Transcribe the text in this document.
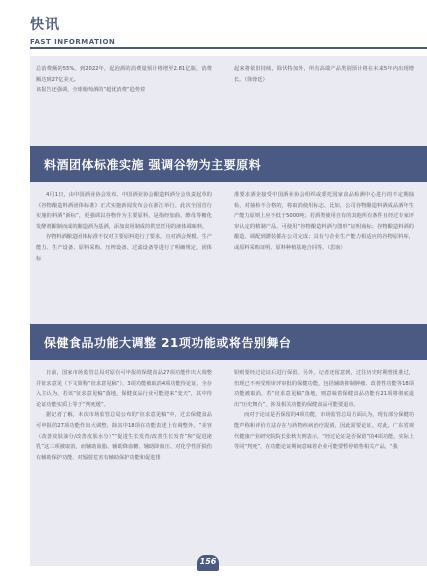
快讯
FAST INFORMATION

总消费额的55%。到2022年，起泡酒的消费量预计将增至2.81亿瓶，消费额达到27亿美元。
该报告还强调，全球葡萄酒的“超优消费”趋势着

起来将依旧持续，除伏特加外，所有高端产品类别预计将在未来5年内出现增长。（徐蓉廷）

料酒团体标准实施 强调谷物为主要原料

4月1日，由中国酒业协会发布、中国酒业协会酿造料酒分会负责起草的《谷物酿造料酒团体标准》正式实施新闻发布会在浙江举行。此次全国首行实施的料酒“新标”，更强调以谷物作为主要原料，是指经加曲、酵母等糖化发酵剂酿制而成的酿造酒为基酒，添加食用制成的供烹饪用的液体调味料。

谷物料酒酿造团体标准不仅对主要原料进行了要求，且对酒会规模、生产能力、生产设备、原料采购、压榨设备、过滤设备等进行了明确规定。团体标

准要求酒企接受中国酒业协会组织或委托国家食品检测中心进行的不定期抽检，对抽检不合格的，将取消使用标志。比如，公司谷物酿造料酒成品酒年生产能力原则上应不低于5000吨；若酒类使用自有的其他所有条件且经过专家评审认定的精制产品，可使用“谷物酿造料酒与图形”证明商标；谷物酿造料酒的酿造、调配到灌装都在公司完成；具有与企业生产能力相适应的谷物原料库，或原料采购证明、原料种植基地合同等。（思南）

保健食品功能大调整 21项功能或将告别舞台

日前，国家市场监管总局对原有可申报的保健食品27项功能作出大调整并征求意见（下文简称“征求意见稿”），3项功能被取消4项功能待论证，全存入主认为，若该“征求意见稿”落地，保健食品行业可能迎来“变天”，其中待论证功能实质上等于“判死缓”。

据记者了解，本次市场监管总局公布的“征求意见稿”中，过去保健食品可申报的27项功能作出大调整，除其中18项在功能表述上有调整外，“美容（改善皮肤油分/改善皮肤水分）”“促进生长发育/改善生长发育”和“促进泌乳”这三项被取消，而辅助血脂、辅助降血糖、辅助降血压、对化学性肝损伤有辅助保护功能、对辐射危害有辅助保护功能和促进排

铅则要经过论证后进行保留。另外，记者还留意到，过往历史时期曾批准过，但现已不再受理审评审批的保健功能，包括辅助抑制肿瘤、改善性功能等18项功能被取消，若“征求意见稿”落地，则意味着保健食品功能有21项将彻底退出“历史舞台”，涉及相关功能的保健食品可能要退市。

而对于论证是否保留的4项功能，市场监管总局方面认为，现有部分保健功能声称和评价方法存在与药物疾病治疗混淆，因此需要论证。对此，广东省观代健康产业研究院院长张秋夫则表示，“经过论证是否保留”的4项功能，实际上等同“判死”，在功能论证期间意味着企业可能要暂停销售相关产品，“我

156
